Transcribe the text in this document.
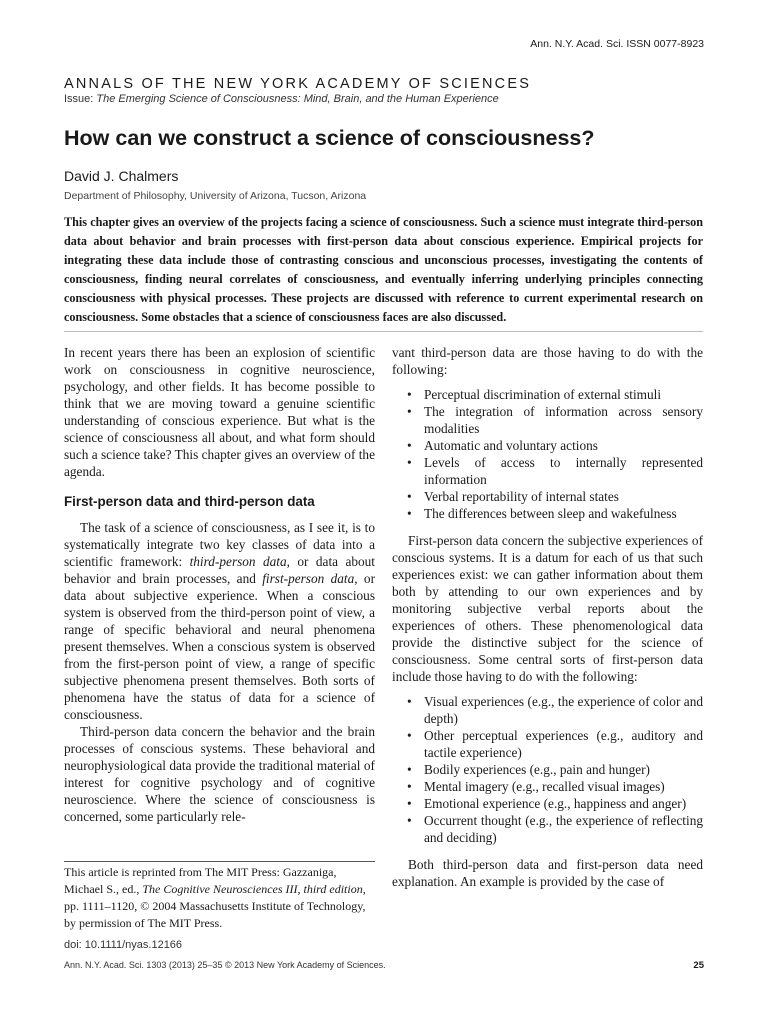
Ann. N.Y. Acad. Sci. ISSN 0077-8923
ANNALS OF THE NEW YORK ACADEMY OF SCIENCES
Issue: The Emerging Science of Consciousness: Mind, Brain, and the Human Experience
How can we construct a science of consciousness?
David J. Chalmers
Department of Philosophy, University of Arizona, Tucson, Arizona

This chapter gives an overview of the projects facing a science of consciousness. Such a science must integrate third-person data about behavior and brain processes with first-person data about conscious experience. Empirical projects for integrating these data include those of contrasting conscious and unconscious processes, investigating the contents of consciousness, finding neural correlates of consciousness, and eventually inferring underlying principles connecting consciousness with physical processes. These projects are discussed with reference to current experimental research on consciousness. Some obstacles that a science of consciousness faces are also discussed.

In recent years there has been an explosion of scientific work on consciousness in cognitive neuroscience, psychology, and other fields. It has become possible to think that we are moving toward a genuine scientific understanding of conscious experience. But what is the science of consciousness all about, and what form should such a science take? This chapter gives an overview of the agenda.

First-person data and third-person data

The task of a science of consciousness, as I see it, is to systematically integrate two key classes of data into a scientific framework: third-person data, or data about behavior and brain processes, and first-person data, or data about subjective experience. When a conscious system is observed from the third-person point of view, a range of specific behavioral and neural phenomena present themselves. When a conscious system is observed from the first-person point of view, a range of specific subjective phenomena present themselves. Both sorts of phenomena have the status of data for a science of consciousness.

Third-person data concern the behavior and the brain processes of conscious systems. These behavioral and neurophysiological data provide the traditional material of interest for cognitive psychology and of cognitive neuroscience. Where the science of consciousness is concerned, some particularly rele-

vant third-person data are those having to do with the following:

• Perceptual discrimination of external stimuli
• The integration of information across sensory modalities
• Automatic and voluntary actions
• Levels of access to internally represented information
• Verbal reportability of internal states
• The differences between sleep and wakefulness

First-person data concern the subjective experiences of conscious systems. It is a datum for each of us that such experiences exist: we can gather information about them both by attending to our own experiences and by monitoring subjective verbal reports about the experiences of others. These phenomenological data provide the distinctive subject for the science of consciousness. Some central sorts of first-person data include those having to do with the following:

• Visual experiences (e.g., the experience of color and depth)
• Other perceptual experiences (e.g., auditory and tactile experience)
• Bodily experiences (e.g., pain and hunger)
• Mental imagery (e.g., recalled visual images)
• Emotional experience (e.g., happiness and anger)
• Occurrent thought (e.g., the experience of reflecting and deciding)

Both third-person data and first-person data need explanation. An example is provided by the case of

This article is reprinted from The MIT Press: Gazzaniga, Michael S., ed., The Cognitive Neurosciences III, third edition, pp. 1111–1120, © 2004 Massachusetts Institute of Technology, by permission of The MIT Press.

doi: 10.1111/nyas.12166
Ann. N.Y. Acad. Sci. 1303 (2013) 25–35 © 2013 New York Academy of Sciences.	25
